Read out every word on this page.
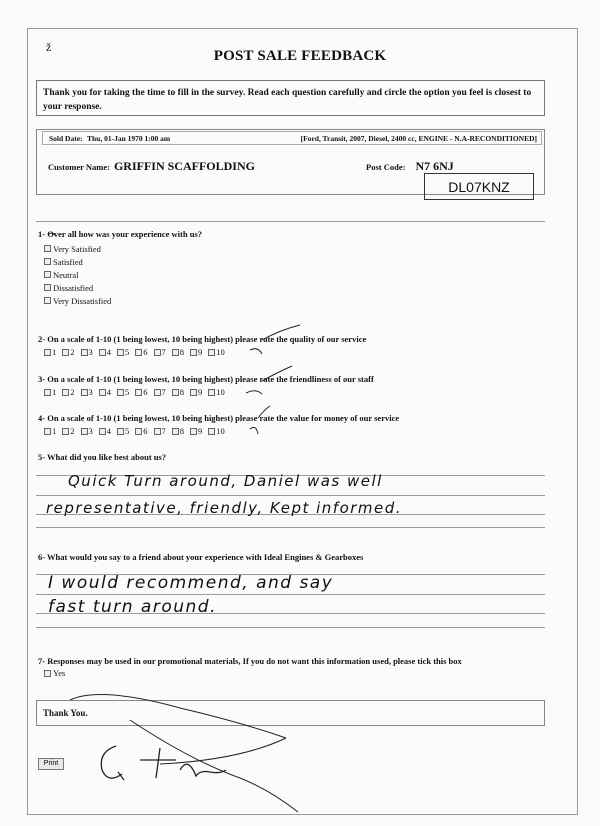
ž
POST SALE FEEDBACK
Thank you for taking the time to fill in the survey. Read each question carefully and circle the option you feel is closest to your response.
Sold Date: Thu, 01-Jan 1970 1:00 am	[Ford, Transit, 2007, Diesel, 2400 cc, ENGINE - N.A-RECONDITIONED]
Customer Name: GRIFFIN SCAFFOLDING	Post Code: N7 6NJ
DL07KNZ
1- Over all how was your experience with us?
Very Satisfied
Satisfied
Neutral
Dissatisfied
Very Dissatisfied
2- On a scale of 1-10 (1 being lowest, 10 being highest) please rate the quality of our service
1 2 3 4 5 6 7 8 9 10
3- On a scale of 1-10 (1 being lowest, 10 being highest) please rate the friendliness of our staff
1 2 3 4 5 6 7 8 9 10
4- On a scale of 1-10 (1 being lowest, 10 being highest) please rate the value for money of our service
1 2 3 4 5 6 7 8 9 10
5- What did you like best about us?
Quick Turn around, Daniel was well
representative, friendly, Kept informed.
6- What would you say to a friend about your experience with Ideal Engines & Gearboxes
I would recommend, and say
fast turn around.
7- Responses may be used in our promotional materials, If you do not want this information used, please tick this box
Yes
Thank You.
Print
